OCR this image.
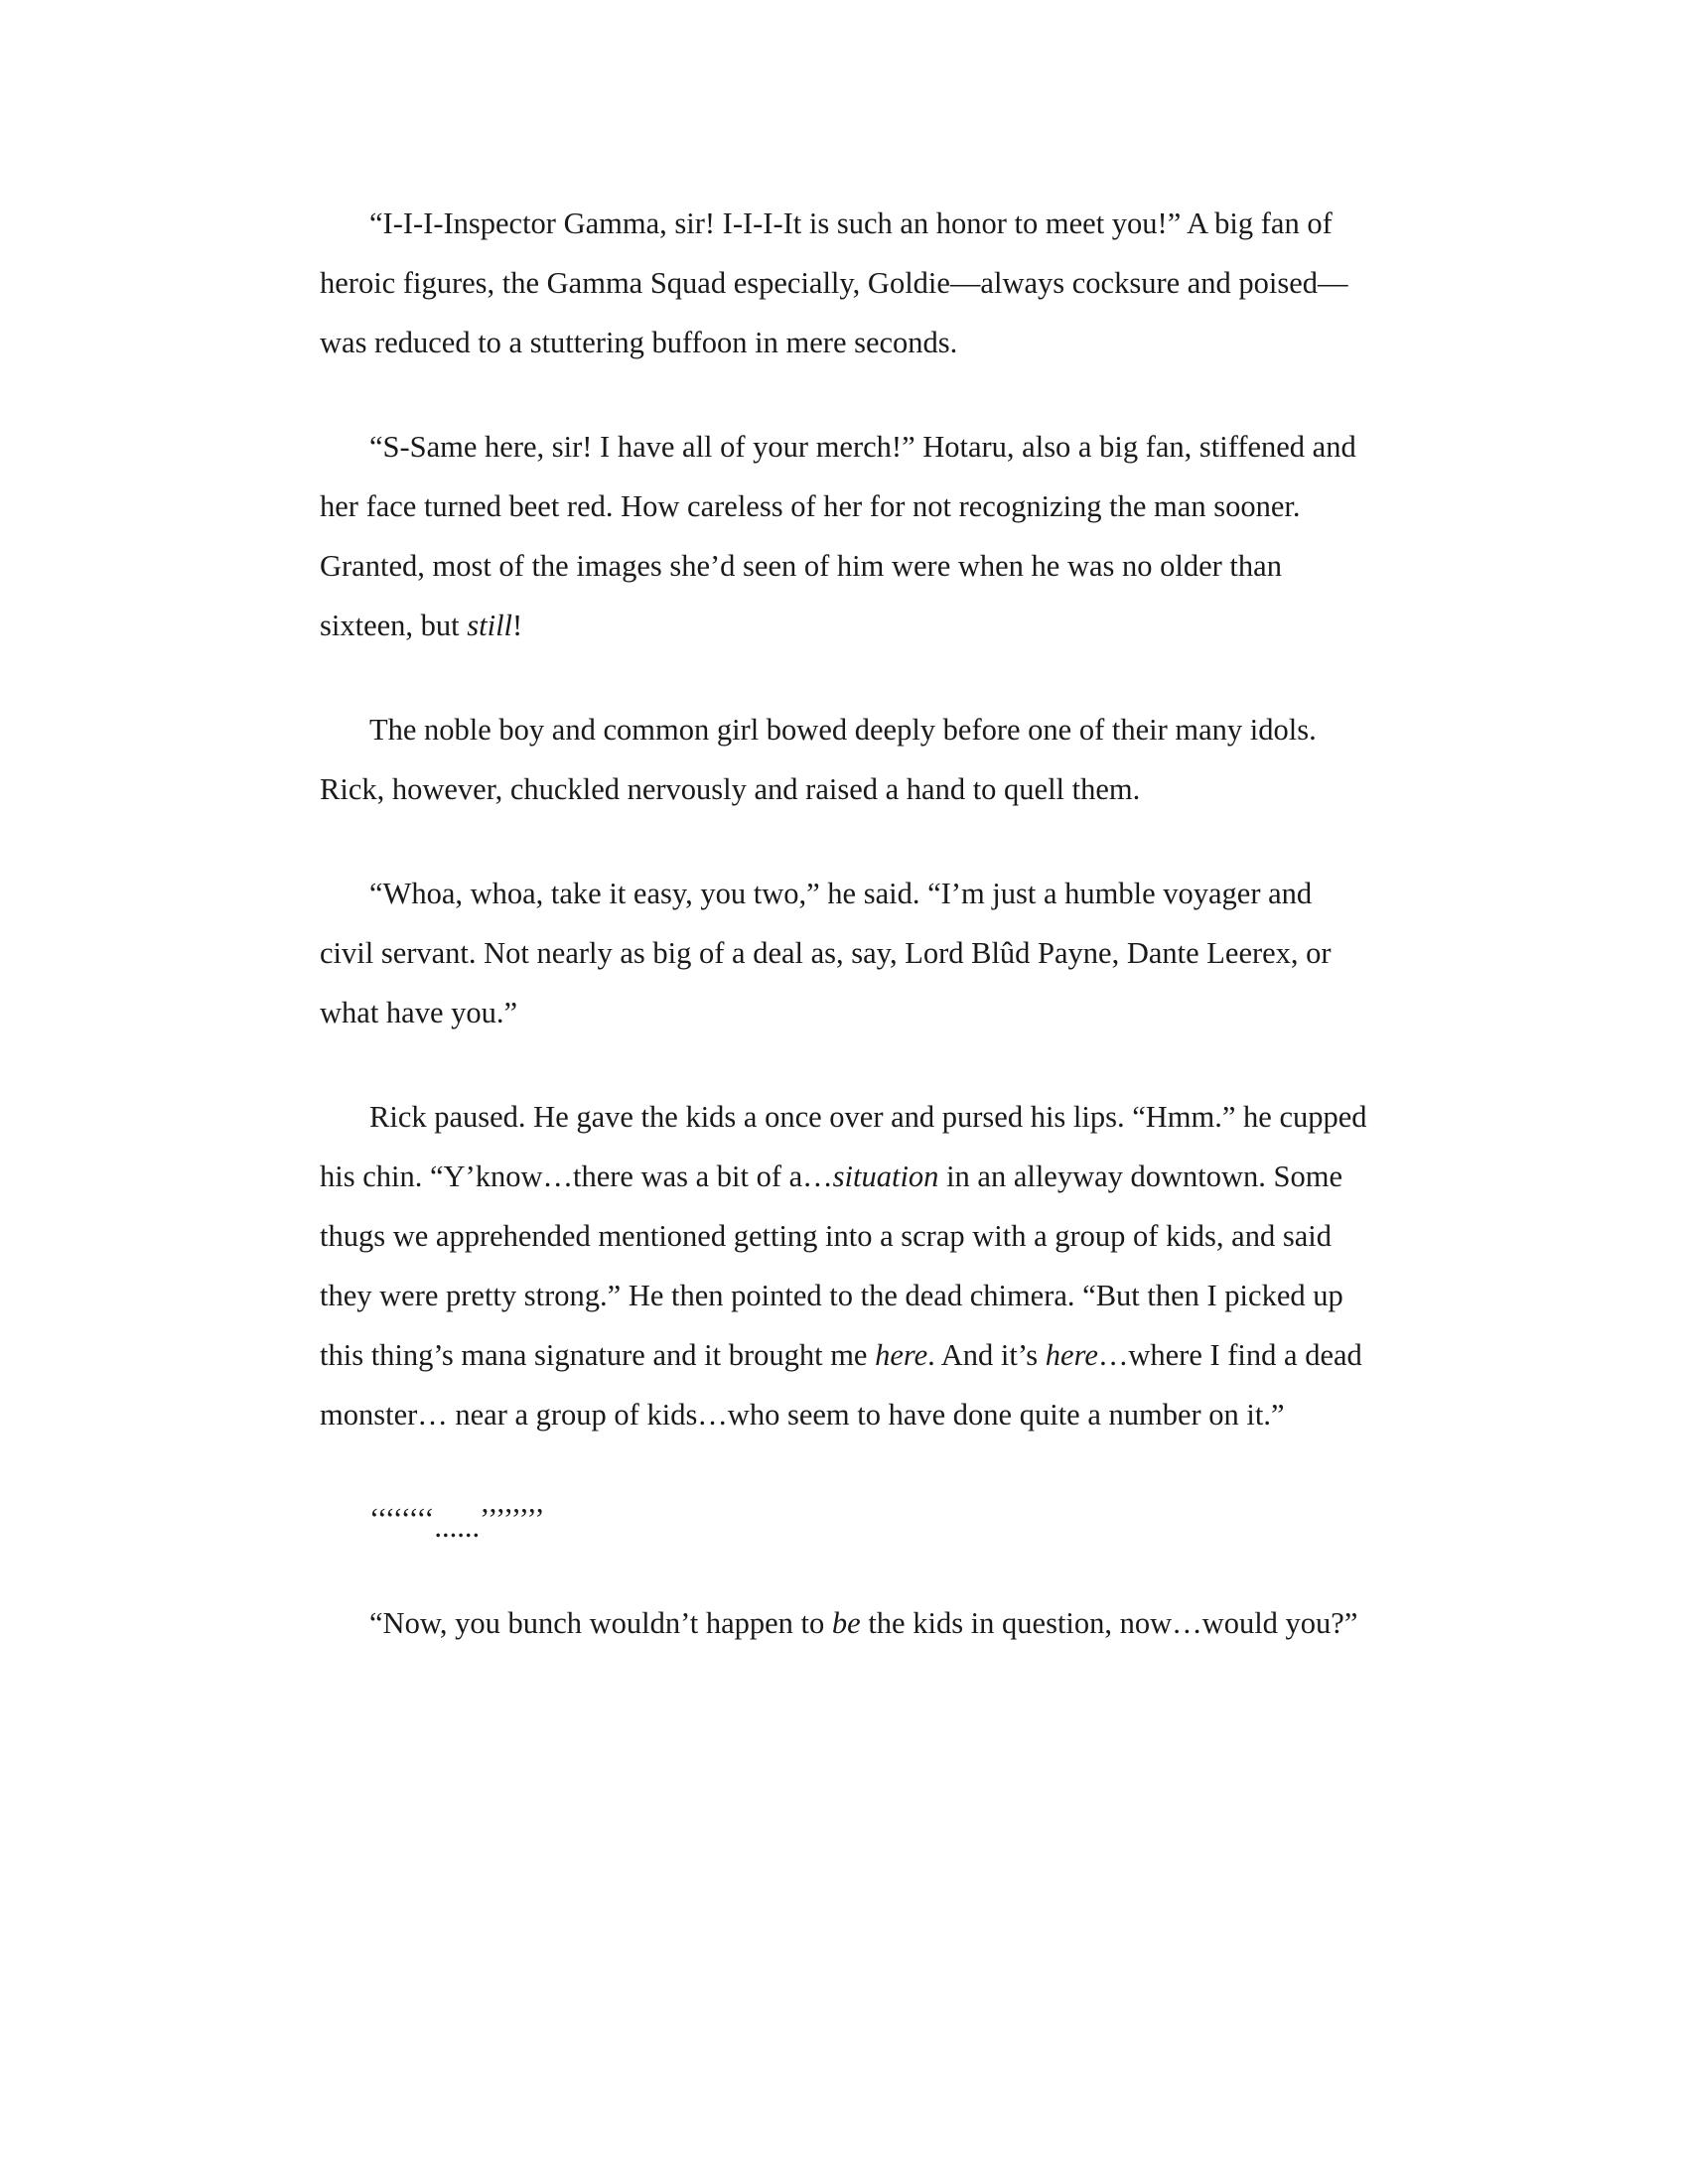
“I-I-I-Inspector Gamma, sir! I-I-I-It is such an honor to meet you!” A big fan of heroic figures, the Gamma Squad especially, Goldie—always cocksure and poised—was reduced to a stuttering buffoon in mere seconds.

“S-Same here, sir! I have all of your merch!” Hotaru, also a big fan, stiffened and her face turned beet red. How careless of her for not recognizing the man sooner. Granted, most of the images she’d seen of him were when he was no older than sixteen, but still!

The noble boy and common girl bowed deeply before one of their many idols. Rick, however, chuckled nervously and raised a hand to quell them.

“Whoa, whoa, take it easy, you two,” he said. “I’m just a humble voyager and civil servant. Not nearly as big of a deal as, say, Lord Blûd Payne, Dante Leerex, or what have you.”

Rick paused. He gave the kids a once over and pursed his lips. “Hmm.” he cupped his chin. “Y’know…there was a bit of a…situation in an alleyway downtown. Some thugs we apprehended mentioned getting into a scrap with a group of kids, and said they were pretty strong.” He then pointed to the dead chimera. “But then I picked up this thing’s mana signature and it brought me here. And it’s here…where I find a dead monster… near a group of kids…who seem to have done quite a number on it.”

‘‘‘‘‘‘‘‘......’’’’’’’’

“Now, you bunch wouldn’t happen to be the kids in question, now…would you?”
